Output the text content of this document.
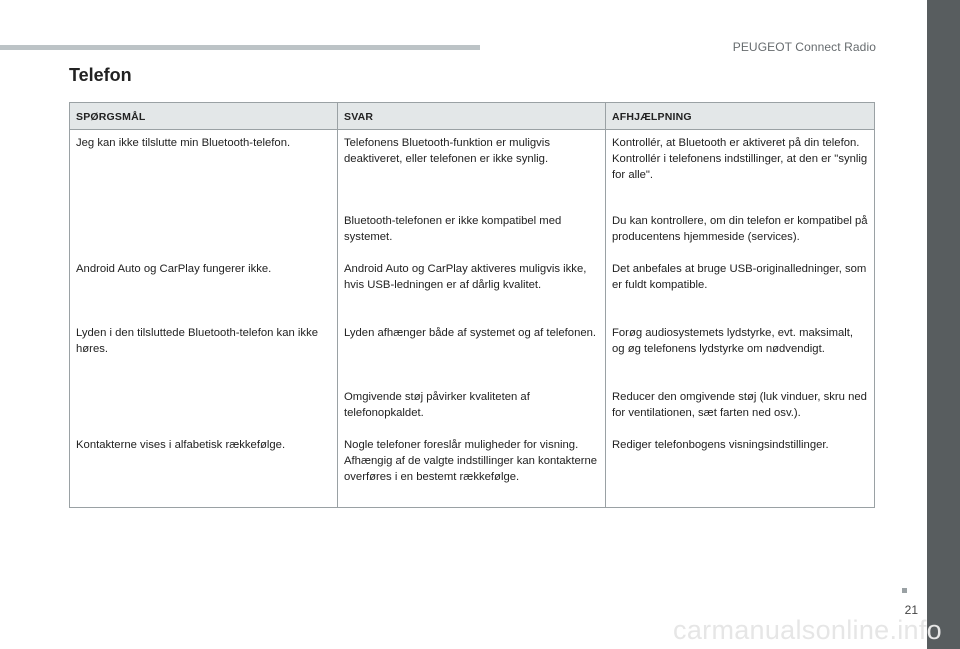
PEUGEOT Connect Radio
Telefon
SPØRGSMÅL	SVAR	AFHJÆLPNING
Jeg kan ikke tilslutte min Bluetooth-telefon.	Telefonens Bluetooth-funktion er muligvis deaktiveret, eller telefonen er ikke synlig.	Kontrollér, at Bluetooth er aktiveret på din telefon.
Kontrollér i telefonens indstillinger, at den er "synlig for alle".
	Bluetooth-telefonen er ikke kompatibel med systemet.	Du kan kontrollere, om din telefon er kompatibel på producentens hjemmeside (services).
Android Auto og CarPlay fungerer ikke.	Android Auto og CarPlay aktiveres muligvis ikke, hvis USB-ledningen er af dårlig kvalitet.	Det anbefales at bruge USB-originalledninger, som er fuldt kompatible.
Lyden i den tilsluttede Bluetooth-telefon kan ikke høres.	Lyden afhænger både af systemet og af telefonen.	Forøg audiosystemets lydstyrke, evt. maksimalt, og øg telefonens lydstyrke om nødvendigt.
	Omgivende støj påvirker kvaliteten af telefonopkaldet.	Reducer den omgivende støj (luk vinduer, skru ned for ventilationen, sæt farten ned osv.).
Kontakterne vises i alfabetisk rækkefølge.	Nogle telefoner foreslår muligheder for visning. Afhængig af de valgte indstillinger kan kontakterne overføres i en bestemt rækkefølge.	Rediger telefonbogens visningsindstillinger.
21
carmanualsonline.info
